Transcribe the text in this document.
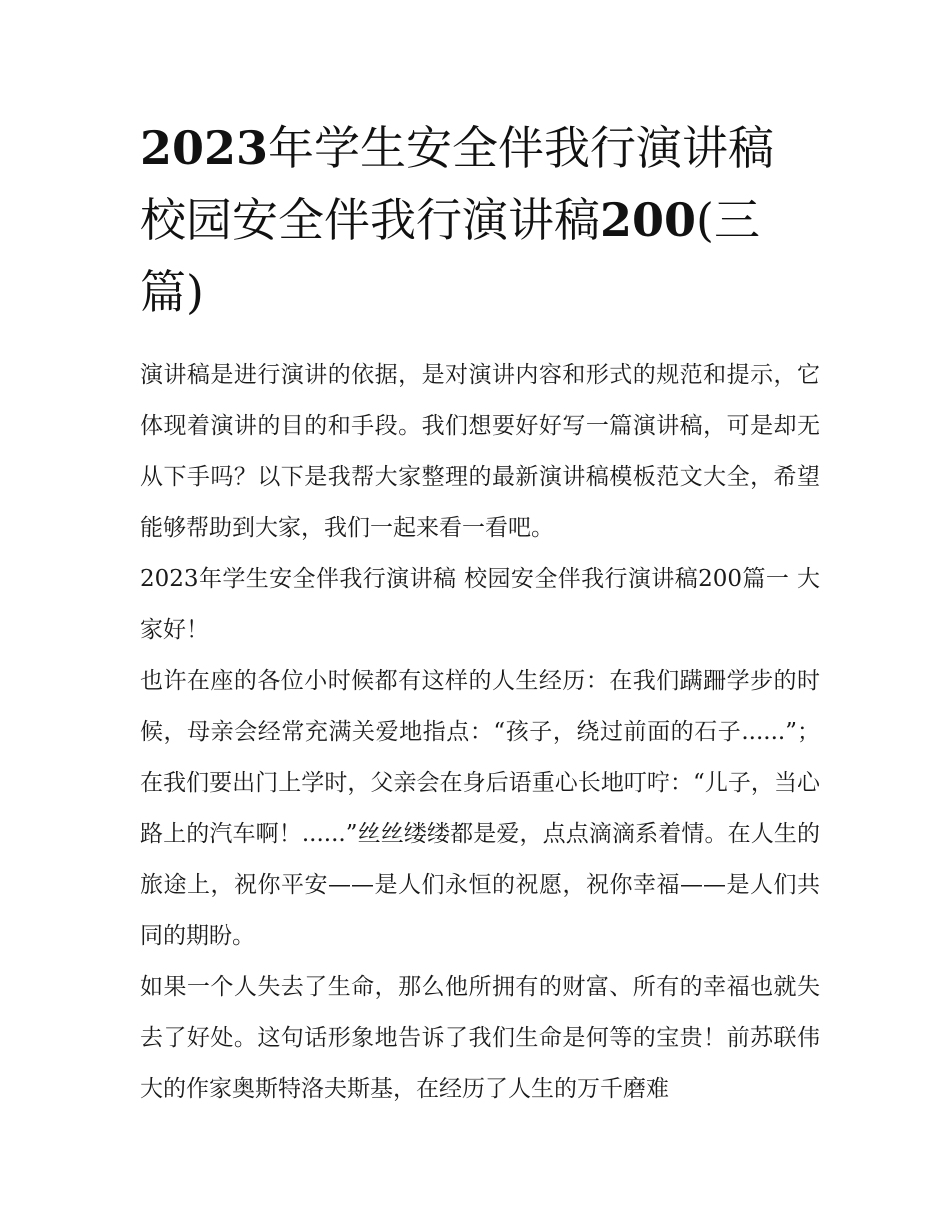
2023年学生安全伴我行演讲稿校园安全伴我行演讲稿200(三篇)

演讲稿是进行演讲的依据，是对演讲内容和形式的规范和提示，它体现着演讲的目的和手段。我们想要好好写一篇演讲稿，可是却无从下手吗？以下是我帮大家整理的最新演讲稿模板范文大全，希望能够帮助到大家，我们一起来看一看吧。

2023年学生安全伴我行演讲稿 校园安全伴我行演讲稿200篇一 大家好！

也许在座的各位小时候都有这样的人生经历：在我们蹒跚学步的时候，母亲会经常充满关爱地指点：“孩子，绕过前面的石子......”；在我们要出门上学时，父亲会在身后语重心长地叮咛：“儿子，当心路上的汽车啊！......”丝丝缕缕都是爱，点点滴滴系着情。在人生的旅途上，祝你平安——是人们永恒的祝愿，祝你幸福——是人们共同的期盼。

如果一个人失去了生命，那么他所拥有的财富、所有的幸福也就失去了好处。这句话形象地告诉了我们生命是何等的宝贵！前苏联伟大的作家奥斯特洛夫斯基，在经历了人生的万千磨难
